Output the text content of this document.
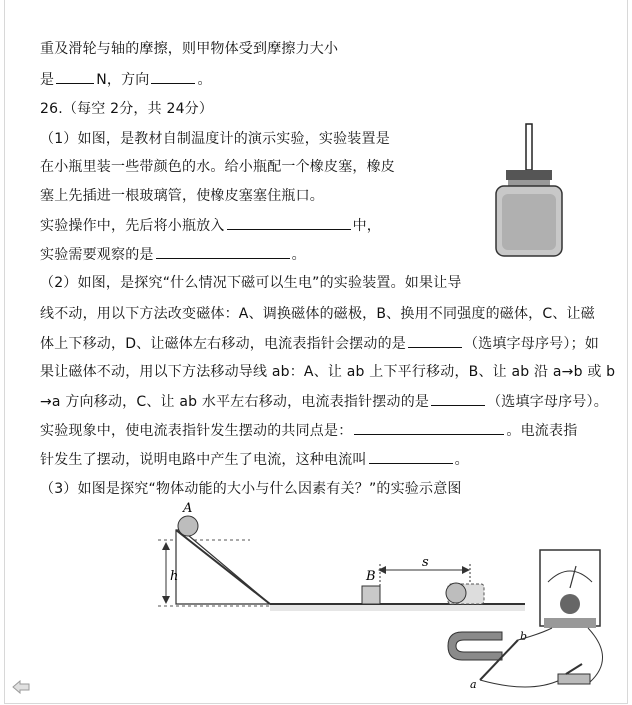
重及滑轮与轴的摩擦，则甲物体受到摩擦力大小
是	N，方向	。
26.（每空 2分，共 24分）
（1）如图，是教材自制温度计的演示实验，实验装置是
在小瓶里装一些带颜色的水。给小瓶配一个橡皮塞，橡皮
塞上先插进一根玻璃管，使橡皮塞塞住瓶口。
实验操作中，先后将小瓶放入	中，
实验需要观察的是	。
（2）如图，是探究“什么情况下磁可以生电”的实验装置。如果让导
线不动，用以下方法改变磁体：A、调换磁体的磁极，B、换用不同强度的磁体，C、让磁
体上下移动，D、让磁体左右移动，电流表指针会摆动的是	（选填字母序号）；如
果让磁体不动，用以下方法移动导线 ab：A、让 ab 上下平行移动，B、让 ab 沿 a→b 或 b
→a 方向移动，C、让 ab 水平左右移动，电流表指针摆动的是	（选填字母序号）。
实验现象中，使电流表指针发生摆动的共同点是：	。电流表指
针发生了摆动，说明电路中产生了电流，这种电流叫	。
（3）如图是探究“物体动能的大小与什么因素有关？”的实验示意图
A
h	B
s
a
b
